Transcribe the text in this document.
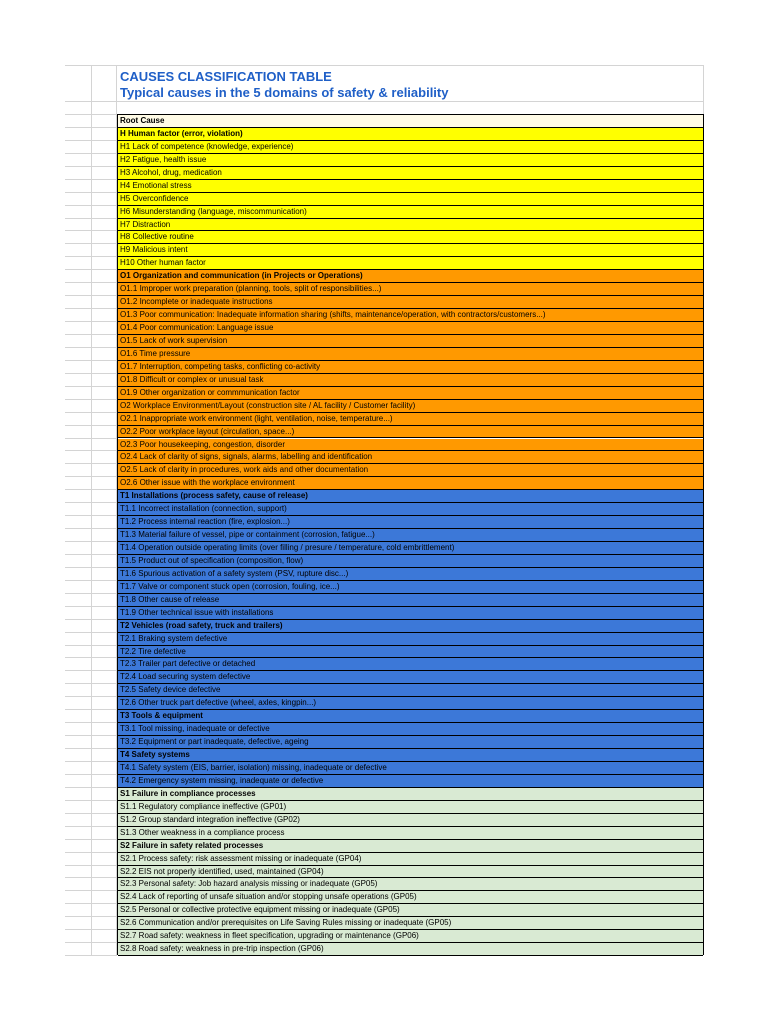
CAUSES CLASSIFICATION TABLE
Typical causes in the 5 domains of safety & reliability
Root Cause
H Human factor (error, violation)
H1 Lack of competence (knowledge, experience)
H2 Fatigue, health issue
H3 Alcohol, drug, medication
H4 Emotional stress
H5 Overconfidence
H6 Misunderstanding (language, miscommunication)
H7 Distraction
H8 Collective routine
H9 Malicious intent
H10 Other human factor
O1 Organization and communication (in Projects or Operations)
O1.1 Improper work preparation (planning, tools, split of responsibilities...)
O1.2 Incomplete or inadequate instructions
O1.3 Poor communication: Inadequate information sharing (shifts, maintenance/operation, with contractors/customers...)
O1.4 Poor communication: Language issue
O1.5 Lack of work supervision
O1.6 Time pressure
O1.7 Interruption, competing tasks, conflicting co-activity
O1.8 Difficult or complex or unusual task
O1.9 Other organization or commmunication factor
O2 Workplace Environment/Layout (construction site / AL facility / Customer facility)
O2.1 Inappropriate work environment (light, ventilation, noise, temperature...)
O2.2 Poor workplace layout (circulation, space...)
O2.3 Poor housekeeping, congestion, disorder
O2.4 Lack of clarity of signs, signals, alarms, labelling and identification
O2.5 Lack of clarity in procedures, work aids and other documentation
O2.6 Other issue with the workplace environment
T1 Installations (process safety, cause of release)
T1.1 Incorrect installation (connection, support)
T1.2 Process internal reaction (fire, explosion...)
T1.3 Material failure of vessel, pipe or containment (corrosion, fatigue...)
T1.4 Operation outside operating limits (over filling / presure / temperature, cold embrittlement)
T1.5 Product out of specification (composition, flow)
T1.6 Spurious activation of a safety system (PSV, rupture disc...)
T1.7 Valve or component stuck open (corrosion, fouling, ice...)
T1.8 Other cause of release
T1.9 Other technical issue with installations
T2 Vehicles (road safety, truck and trailers)
T2.1 Braking system defective
T2.2 Tire defective
T2.3 Trailer part defective or detached
T2.4 Load securing system defective
T2.5 Safety device defective
T2.6 Other truck part defective (wheel, axles, kingpin...)
T3 Tools & equipment
T3.1 Tool missing, inadequate or defective
T3.2 Equipment or part inadequate, defective, ageing
T4 Safety systems
T4.1 Safety system (EIS, barrier, isolation) missing, inadequate or defective
T4.2 Emergency system missing, inadequate or defective
S1 Failure in compliance processes
S1.1 Regulatory compliance ineffective (GP01)
S1.2 Group standard integration ineffective (GP02)
S1.3 Other weakness in a compliance process
S2 Failure in safety related processes
S2.1 Process safety: risk assessment missing or inadequate (GP04)
S2.2 EIS not properly identified, used, maintained (GP04)
S2.3 Personal safety: Job hazard analysis missing or inadequate (GP05)
S2.4 Lack of reporting of unsafe situation and/or stopping unsafe operations (GP05)
S2.5 Personal or collective protective equipment missing or inadequate (GP05)
S2.6 Communication and/or prerequisites on Life Saving Rules missing or inadequate (GP05)
S2.7 Road safety: weakness in fleet specification, upgrading or maintenance (GP06)
S2.8 Road safety: weakness in pre-trip inspection (GP06)
